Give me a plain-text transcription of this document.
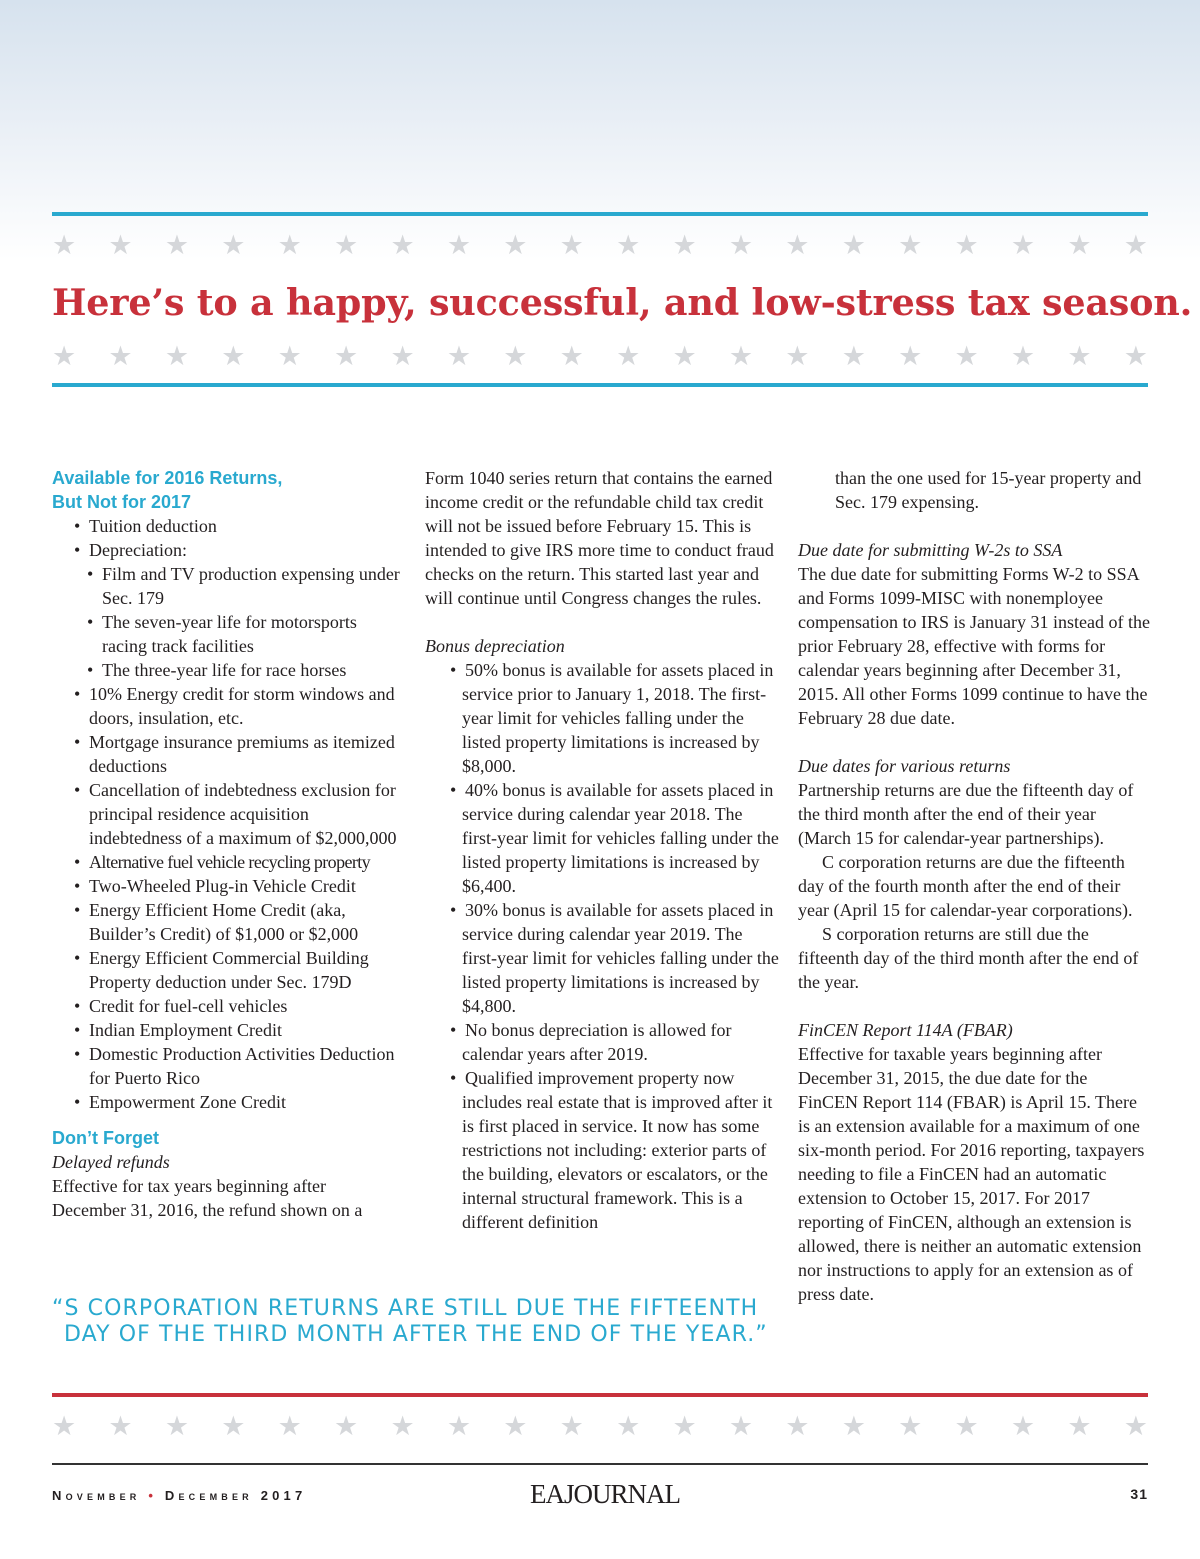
★ ★ ★ ★ ★ ★ ★ ★ ★ ★ ★ ★ ★ ★ ★ ★ ★ ★ ★ ★
Here’s to a happy, successful, and low-stress tax season.
★ ★ ★ ★ ★ ★ ★ ★ ★ ★ ★ ★ ★ ★ ★ ★ ★ ★ ★ ★
Available for 2016 Returns,
But Not for 2017
• Tuition deduction
• Depreciation:
• Film and TV production expensing under Sec. 179
• The seven-year life for motorsports racing track facilities
• The three-year life for race horses
• 10% Energy credit for storm windows and doors, insulation, etc.
• Mortgage insurance premiums as itemized deductions
• Cancellation of indebtedness exclusion for principal residence acquisition indebtedness of a maximum of $2,000,000
• Alternative fuel vehicle recycling property
• Two-Wheeled Plug-in Vehicle Credit
• Energy Efficient Home Credit (aka, Builder’s Credit) of $1,000 or $2,000
• Energy Efficient Commercial Building Property deduction under Sec. 179D
• Credit for fuel-cell vehicles
• Indian Employment Credit
• Domestic Production Activities Deduction for Puerto Rico
• Empowerment Zone Credit
Don’t Forget
Delayed refunds

Effective for tax years beginning after December 31, 2016, the refund shown on a

Form 1040 series return that contains the earned income credit or the refundable child tax credit will not be issued before February 15. This is intended to give IRS more time to conduct fraud checks on the return. This started last year and will continue until Congress changes the rules.

Bonus depreciation
• 50% bonus is available for assets placed in service prior to January 1, 2018. The first-year limit for vehicles falling under the listed property limitations is increased by $8,000.
• 40% bonus is available for assets placed in service during calendar year 2018. The first-year limit for vehicles falling under the listed property limitations is increased by $6,400.
• 30% bonus is available for assets placed in service during calendar year 2019. The first-year limit for vehicles falling under the listed property limitations is increased by $4,800.
• No bonus depreciation is allowed for calendar years after 2019.
• Qualified improvement property now includes real estate that is improved after it is first placed in service. It now has some restrictions not including: exterior parts of the building, elevators or escalators, or the internal structural framework. This is a different definition

than the one used for 15-year property and Sec. 179 expensing.

Due date for submitting W-2s to SSA

The due date for submitting Forms W-2 to SSA and Forms 1099-MISC with nonemployee compensation to IRS is January 31 instead of the prior February 28, effective with forms for calendar years beginning after December 31, 2015. All other Forms 1099 continue to have the February 28 due date.

Due dates for various returns

Partnership returns are due the fifteenth day of the third month after the end of their year (March 15 for calendar-year partnerships).

C corporation returns are due the fifteenth day of the fourth month after the end of their year (April 15 for calendar-year corporations).

S corporation returns are still due the fifteenth day of the third month after the end of the year.

FinCEN Report 114A (FBAR)

Effective for taxable years beginning after December 31, 2015, the due date for the FinCEN Report 114 (FBAR) is April 15. There is an extension available for a maximum of one six-month period. For 2016 reporting, taxpayers needing to file a FinCEN had an automatic extension to October 15, 2017. For 2017 reporting of FinCEN, although an extension is allowed, there is neither an automatic extension nor instructions to apply for an extension as of press date.

“S CORPORATION RETURNS ARE STILL DUE THE FIFTEENTH
DAY OF THE THIRD MONTH AFTER THE END OF THE YEAR.”
★ ★ ★ ★ ★ ★ ★ ★ ★ ★ ★ ★ ★ ★ ★ ★ ★ ★ ★ ★
November • December 2017	EAJOURNAL	31
